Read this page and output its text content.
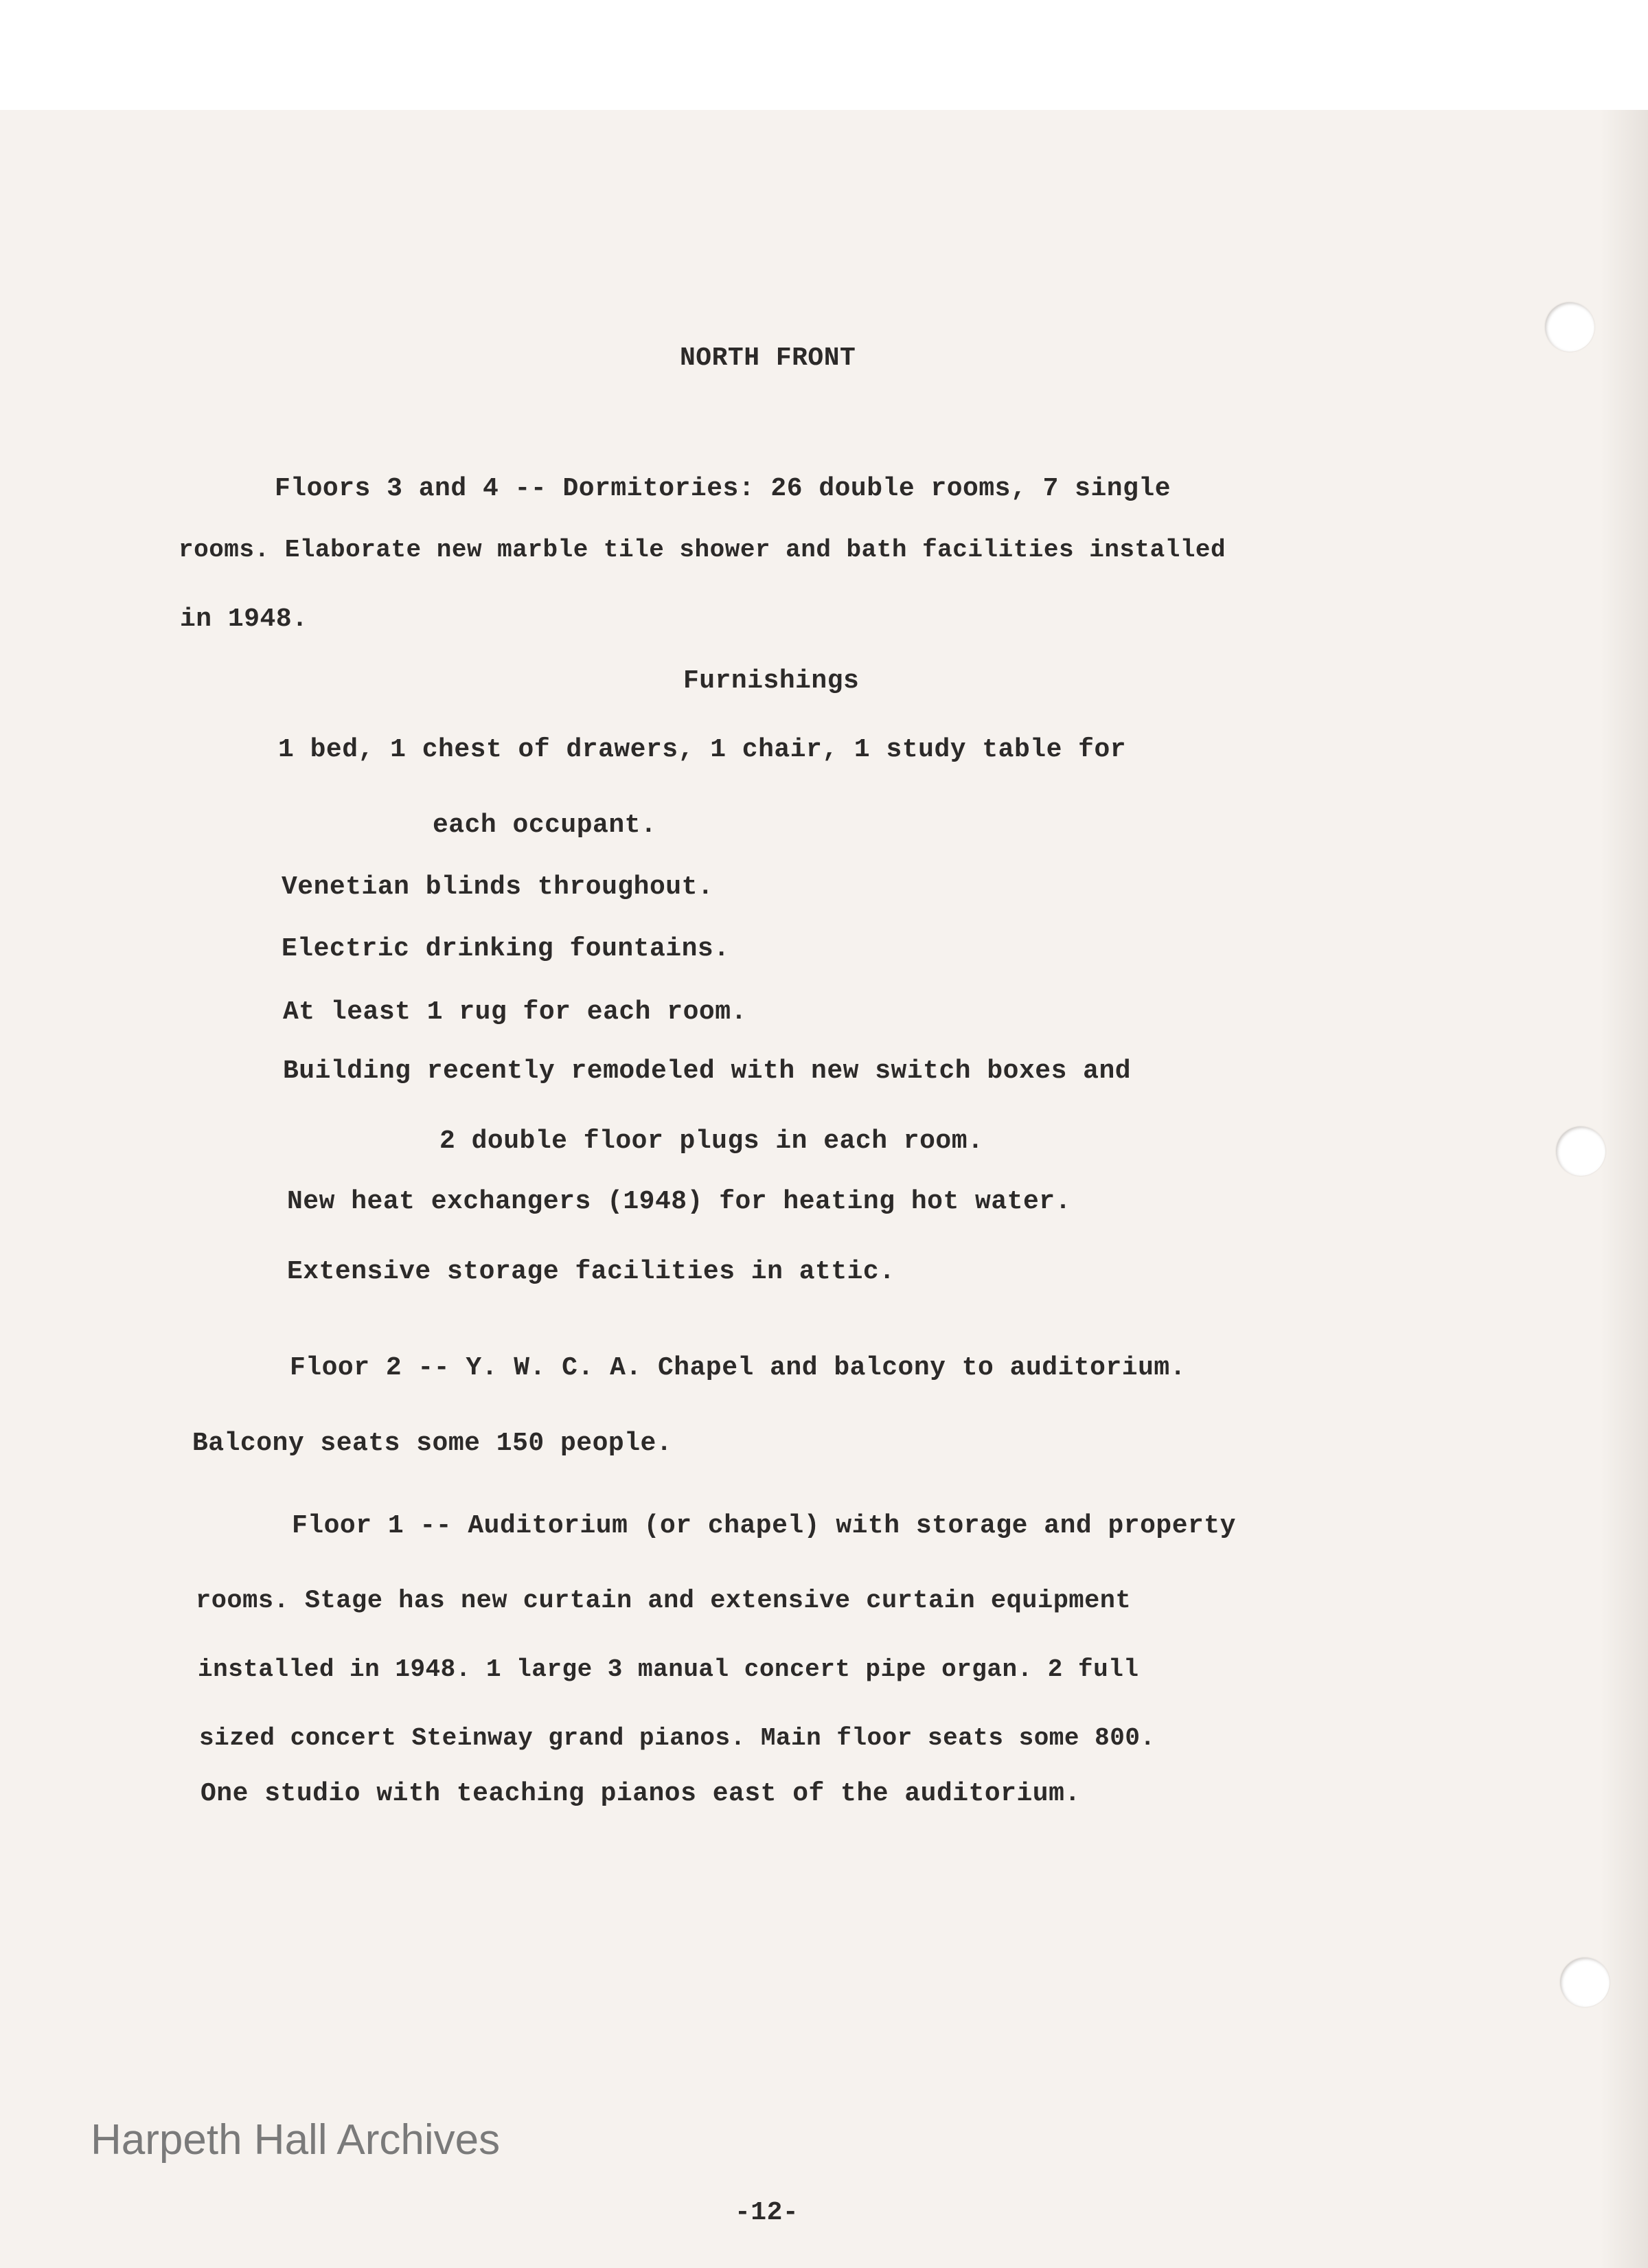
NORTH FRONT
Floors 3 and 4 -- Dormitories: 26 double rooms, 7 single
rooms. Elaborate new marble tile shower and bath facilities installed
in 1948.
Furnishings
1 bed, 1 chest of drawers, 1 chair, 1 study table for
each occupant.
Venetian blinds throughout.
Electric drinking fountains.
At least 1 rug for each room.
Building recently remodeled with new switch boxes and
2 double floor plugs in each room.
New heat exchangers (1948) for heating hot water.
Extensive storage facilities in attic.
Floor 2 -- Y. W. C. A. Chapel and balcony to auditorium.
Balcony seats some 150 people.
Floor 1 -- Auditorium (or chapel) with storage and property
rooms. Stage has new curtain and extensive curtain equipment
installed in 1948. 1 large 3 manual concert pipe organ. 2 full
sized concert Steinway grand pianos. Main floor seats some 800.
One studio with teaching pianos east of the auditorium.
Harpeth Hall Archives
-12-
